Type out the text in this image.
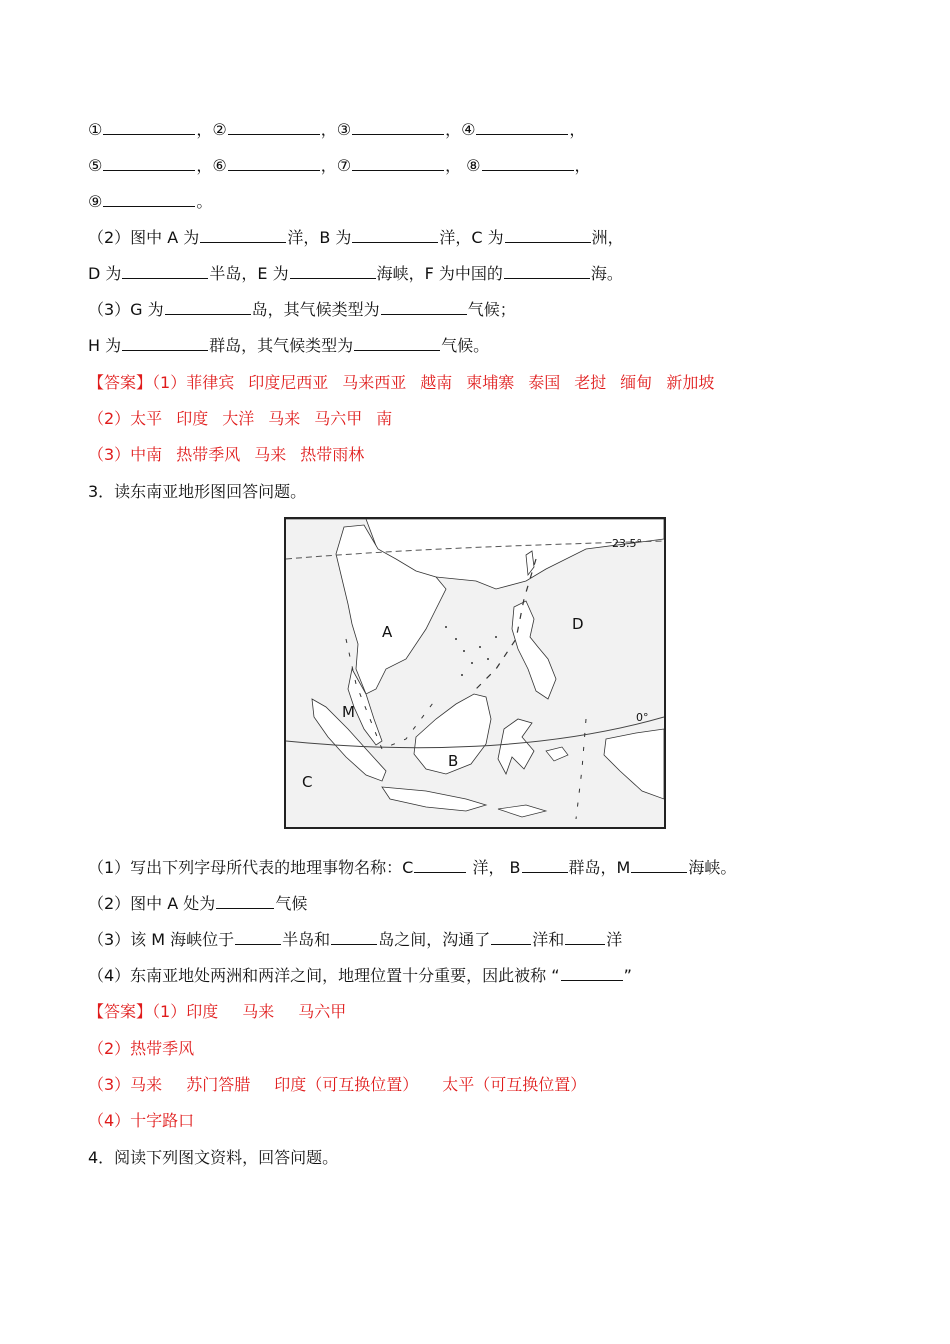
①	，②	，③	，④	，
⑤	，⑥	，⑦	， ⑧	，
⑨	。
（2）图中 A 为	洋，B 为	洋，C 为	洲，
D 为	半岛，E 为	海峡，F 为中国的	海。
（3）G 为	岛，其气候类型为	气候；
H 为	群岛，其气候类型为	气候。
【答案】（1）菲律宾 印度尼西亚 马来西亚 越南 柬埔寨 泰国 老挝 缅甸 新加坡
（2）太平 印度 大洋 马来 马六甲 南
（3）中南 热带季风 马来 热带雨林
3．读东南亚地形图回答问题。
A
B
C
D
M
23.5°
0°
（1）写出下列字母所代表的地理事物名称：C	洋， B	群岛，M	海峡。
（2）图中 A 处为	气候
（3）该 M 海峡位于	半岛和	岛之间，沟通了	洋和	洋
（4）东南亚地处两洲和两洋之间，地理位置十分重要，因此被称 “	”
【答案】（1）印度 马来 马六甲
（2）热带季风
（3）马来 苏门答腊 印度（可互换位置） 太平（可互换位置）
（4）十字路口
4．阅读下列图文资料，回答问题。
